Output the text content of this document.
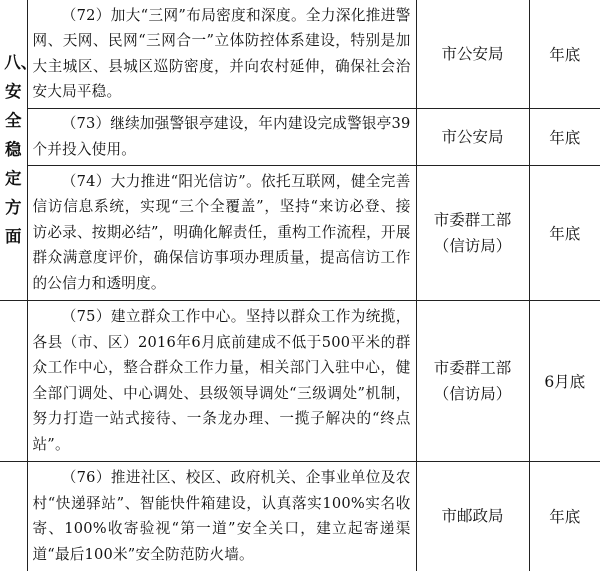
八、安全稳定方面	（72）加大“三网”布局密度和深度。全力深化推进警网、天网、民网“三网合一”立体防控体系建设，特别是加大主城区、县城区巡防密度，并向农村延伸，确保社会治安大局平稳。	市公安局	年底
	（73）继续加强警银亭建设，年内建设完成警银亭39个并投入使用。	市公安局	年底
	（74）大力推进“阳光信访”。依托互联网，健全完善信访信息系统，实现“三个全覆盖”，坚持“来访必登、接访必录、按期必结”，明确化解责任，重构工作流程，开展群众满意度评价，确保信访事项办理质量，提高信访工作的公信力和透明度。	市委群工部（信访局）	年底
	（75）建立群众工作中心。坚持以群众工作为统揽，各县（市、区）2016年6月底前建成不低于500平米的群众工作中心，整合群众工作力量，相关部门入驻中心，健全部门调处、中心调处、县级领导调处“三级调处”机制，努力打造一站式接待、一条龙办理、一揽子解决的“终点站”。	市委群工部（信访局）	6月底
	（76）推进社区、校区、政府机关、企事业单位及农村“快递驿站”、智能快件箱建设，认真落实100%实名收寄、100%收寄验视“第一道”安全关口，建立起寄递渠道“最后100米”安全防范防火墙。	市邮政局	年底
